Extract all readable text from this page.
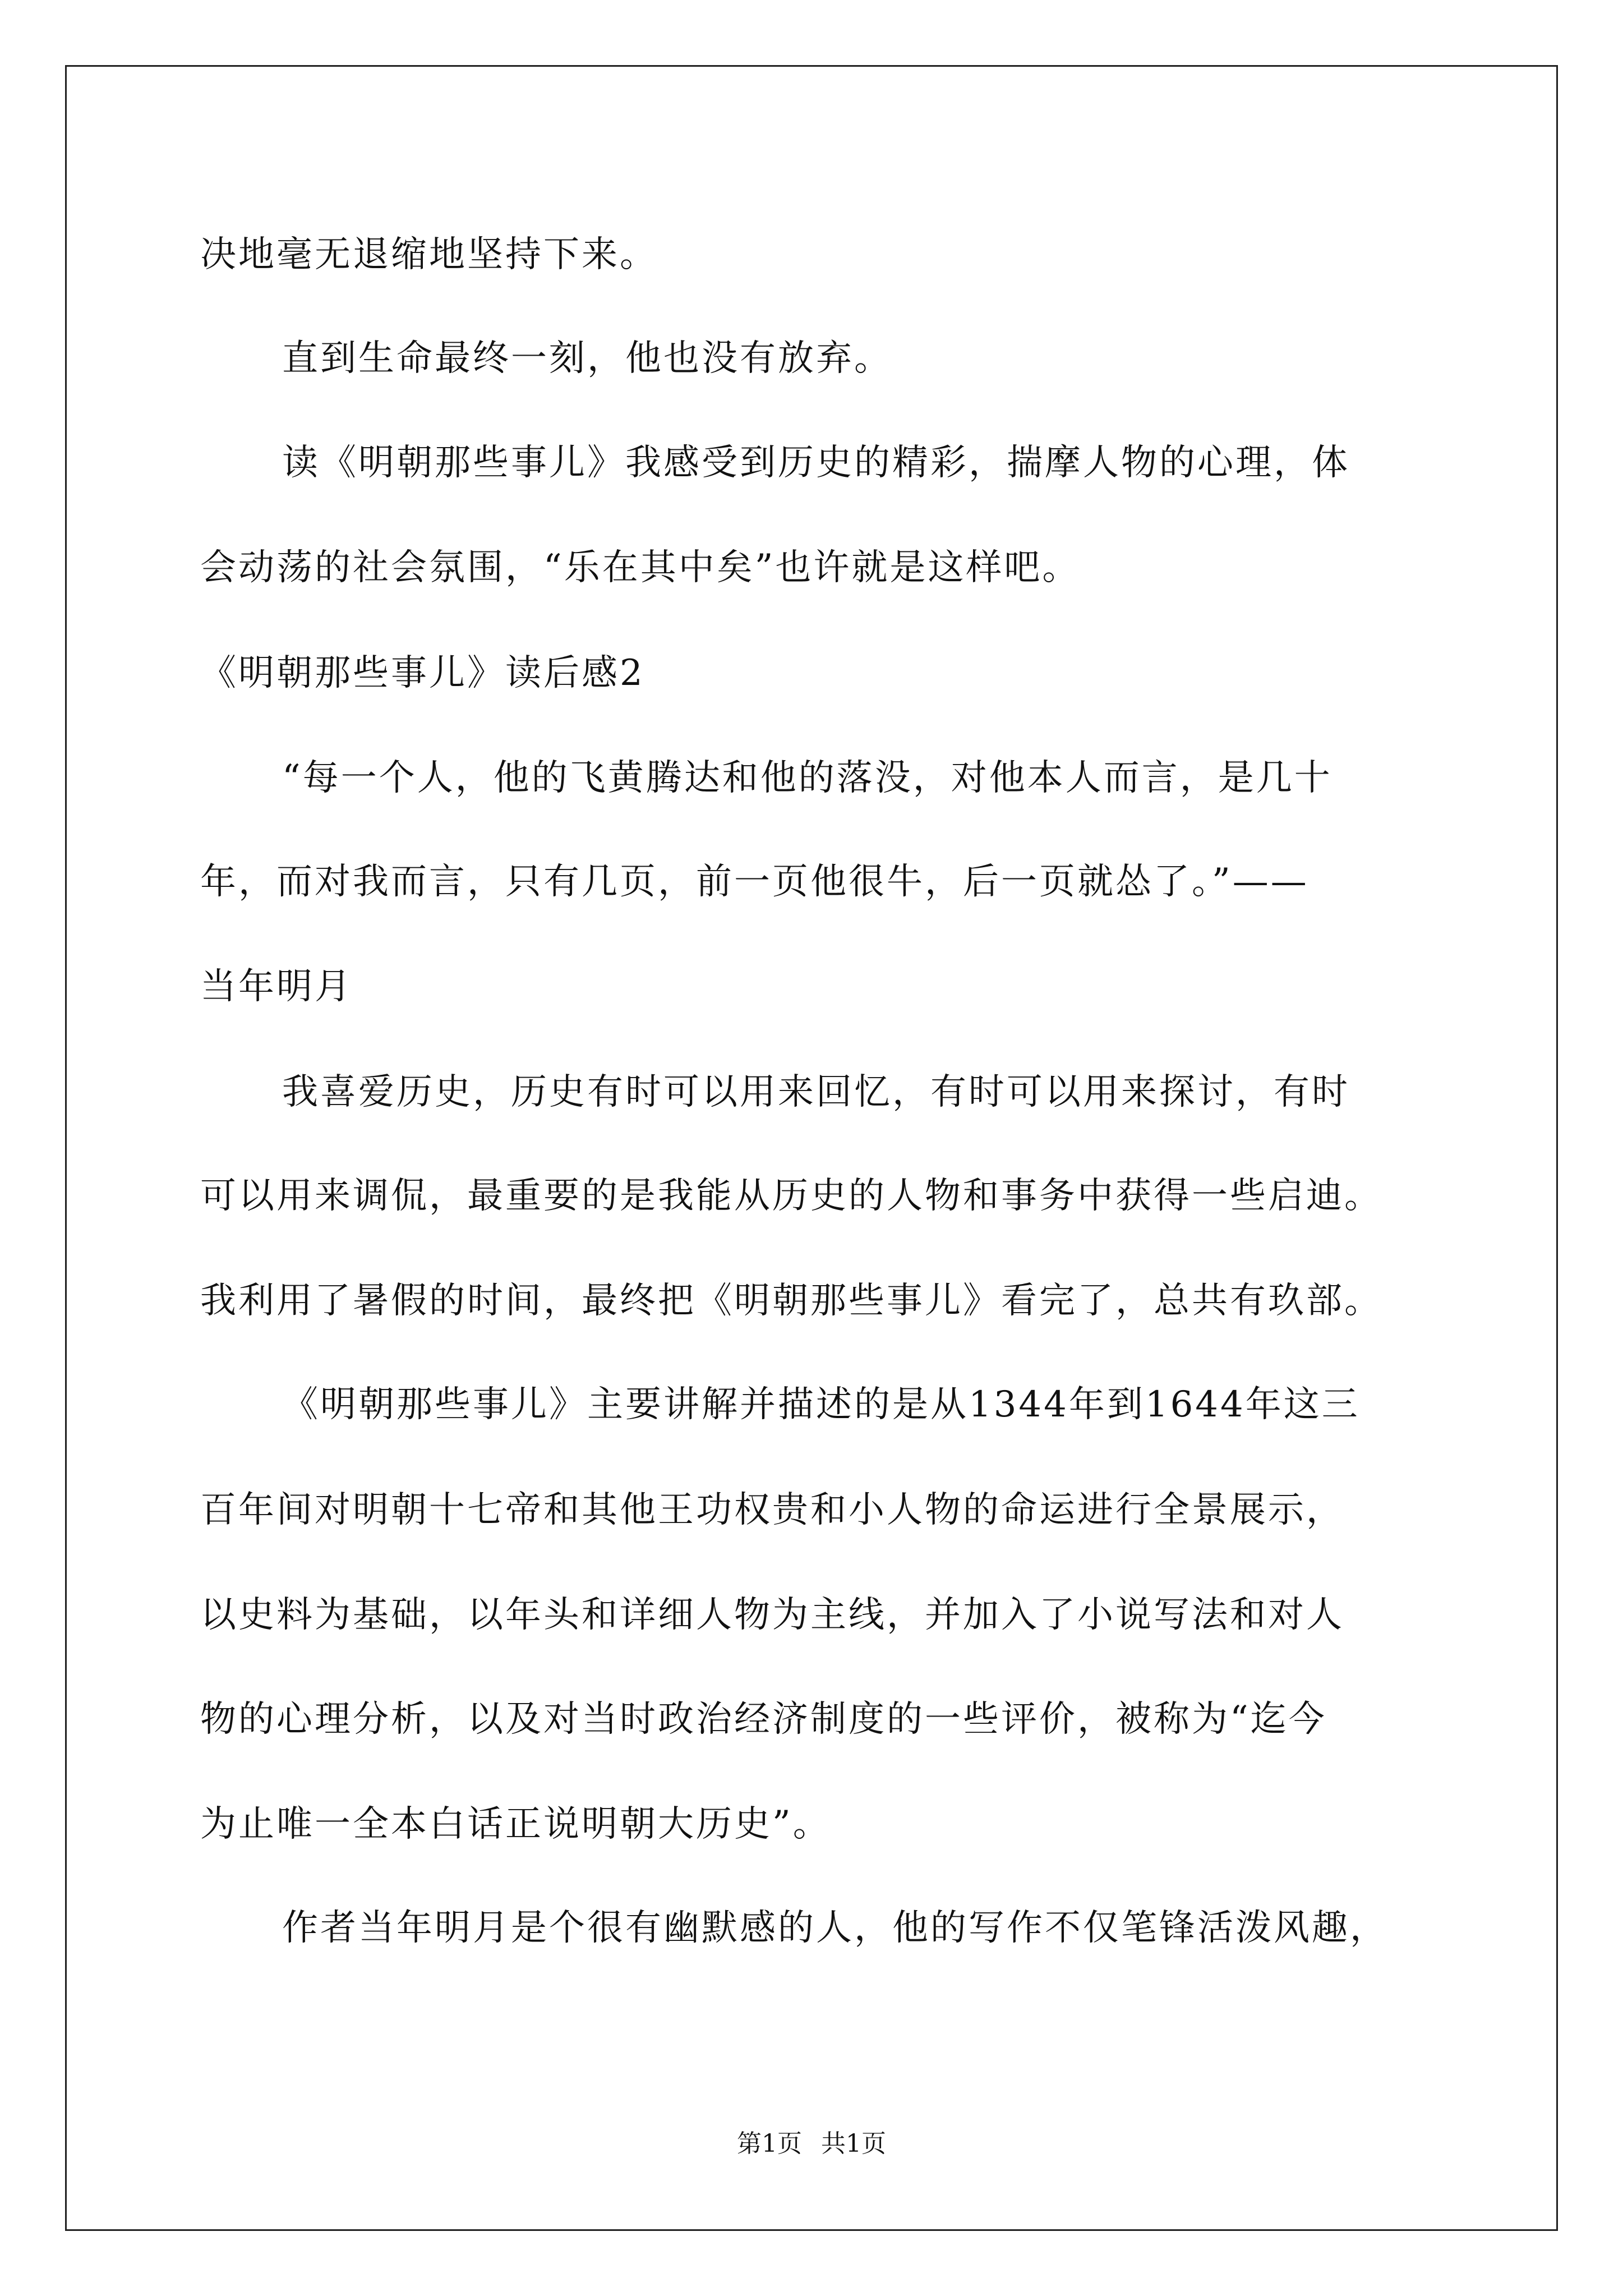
决地毫无退缩地坚持下来。
直到生命最终一刻，他也没有放弃。
读《明朝那些事儿》我感受到历史的精彩，揣摩人物的心理，体
会动荡的社会氛围，“乐在其中矣”也许就是这样吧。
《明朝那些事儿》读后感2
“每一个人，他的飞黄腾达和他的落没，对他本人而言，是几十
年，而对我而言，只有几页，前一页他很牛，后一页就怂了。”——
当年明月
我喜爱历史，历史有时可以用来回忆，有时可以用来探讨，有时
可以用来调侃，最重要的是我能从历史的人物和事务中获得一些启迪。
我利用了暑假的时间，最终把《明朝那些事儿》看完了，总共有玖部。
《明朝那些事儿》主要讲解并描述的是从1344年到1644年这三
百年间对明朝十七帝和其他王功权贵和小人物的命运进行全景展示，
以史料为基础，以年头和详细人物为主线，并加入了小说写法和对人
物的心理分析，以及对当时政治经济制度的一些评价，被称为“迄今
为止唯一全本白话正说明朝大历史”。
作者当年明月是个很有幽默感的人，他的写作不仅笔锋活泼风趣，
第1页 共1页
